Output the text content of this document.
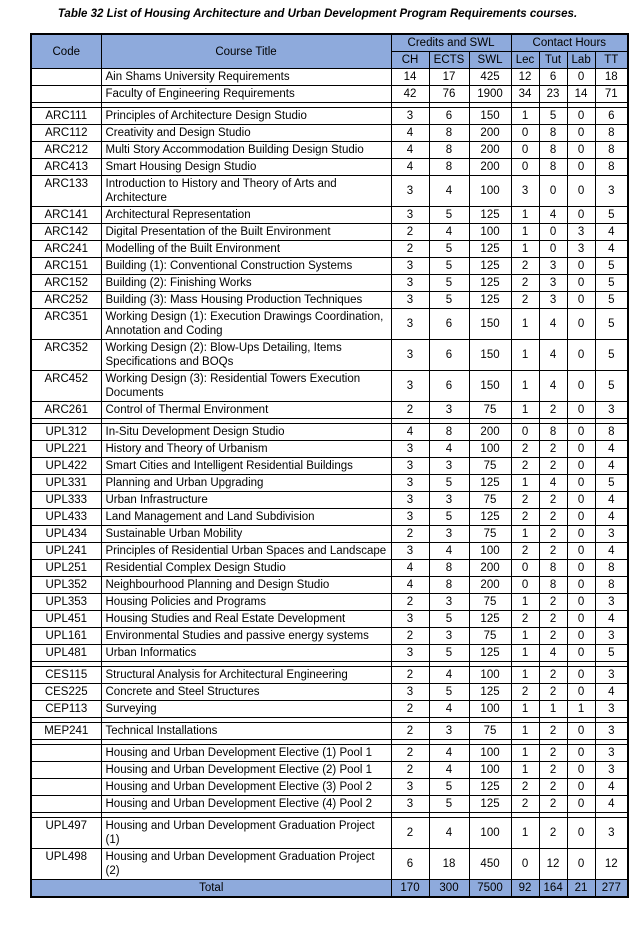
Table 32 List of Housing Architecture and Urban Development Program Requirements courses.
Code	Course Title	Credits and SWL			Contact Hours			
		CH	ECTS	SWL	Lec	Tut	Lab	TT
	Ain Shams University Requirements	14	17	425	12	6	0	18
	Faculty of Engineering Requirements	42	76	1900	34	23	14	71

ARC111	Principles of Architecture Design Studio	3	6	150	1	5	0	6
ARC112	Creativity and Design Studio	4	8	200	0	8	0	8
ARC212	Multi Story Accommodation Building Design Studio	4	8	200	0	8	0	8
ARC413	Smart Housing Design Studio	4	8	200	0	8	0	8
ARC133	Introduction to History and Theory of Arts and Architecture	3	4	100	3	0	0	3
ARC141	Architectural Representation	3	5	125	1	4	0	5
ARC142	Digital Presentation of the Built Environment	2	4	100	1	0	3	4
ARC241	Modelling of the Built Environment	2	5	125	1	0	3	4
ARC151	Building (1): Conventional Construction Systems	3	5	125	2	3	0	5
ARC152	Building (2): Finishing Works	3	5	125	2	3	0	5
ARC252	Building (3): Mass Housing Production Techniques	3	5	125	2	3	0	5
ARC351	Working Design (1): Execution Drawings Coordination, Annotation and Coding	3	6	150	1	4	0	5
ARC352	Working Design (2): Blow-Ups Detailing, Items Specifications and BOQs	3	6	150	1	4	0	5
ARC452	Working Design (3): Residential Towers Execution Documents	3	6	150	1	4	0	5
ARC261	Control of Thermal Environment	2	3	75	1	2	0	3

UPL312	In-Situ Development Design Studio	4	8	200	0	8	0	8
UPL221	History and Theory of Urbanism	3	4	100	2	2	0	4
UPL422	Smart Cities and Intelligent Residential Buildings	3	3	75	2	2	0	4
UPL331	Planning and Urban Upgrading	3	5	125	1	4	0	5
UPL333	Urban Infrastructure	3	3	75	2	2	0	4
UPL433	Land Management and Land Subdivision	3	5	125	2	2	0	4
UPL434	Sustainable Urban Mobility	2	3	75	1	2	0	3
UPL241	Principles of Residential Urban Spaces and Landscape	3	4	100	2	2	0	4
UPL251	Residential Complex Design Studio	4	8	200	0	8	0	8
UPL352	Neighbourhood Planning and Design Studio	4	8	200	0	8	0	8
UPL353	Housing Policies and Programs	2	3	75	1	2	0	3
UPL451	Housing Studies and Real Estate Development	3	5	125	2	2	0	4
UPL161	Environmental Studies and passive energy systems	2	3	75	1	2	0	3
UPL481	Urban Informatics	3	5	125	1	4	0	5

CES115	Structural Analysis for Architectural Engineering	2	4	100	1	2	0	3
CES225	Concrete and Steel Structures	3	5	125	2	2	0	4
CEP113	Surveying	2	4	100	1	1	1	3

MEP241	Technical Installations	2	3	75	1	2	0	3

	Housing and Urban Development Elective (1) Pool 1	2	4	100	1	2	0	3
	Housing and Urban Development Elective (2) Pool 1	2	4	100	1	2	0	3
	Housing and Urban Development Elective (3) Pool 2	3	5	125	2	2	0	4
	Housing and Urban Development Elective (4) Pool 2	3	5	125	2	2	0	4

UPL497	Housing and Urban Development Graduation Project (1)	2	4	100	1	2	0	3
UPL498	Housing and Urban Development Graduation Project (2)	6	18	450	0	12	0	12
Total		170	300	7500	92	164	21	277
